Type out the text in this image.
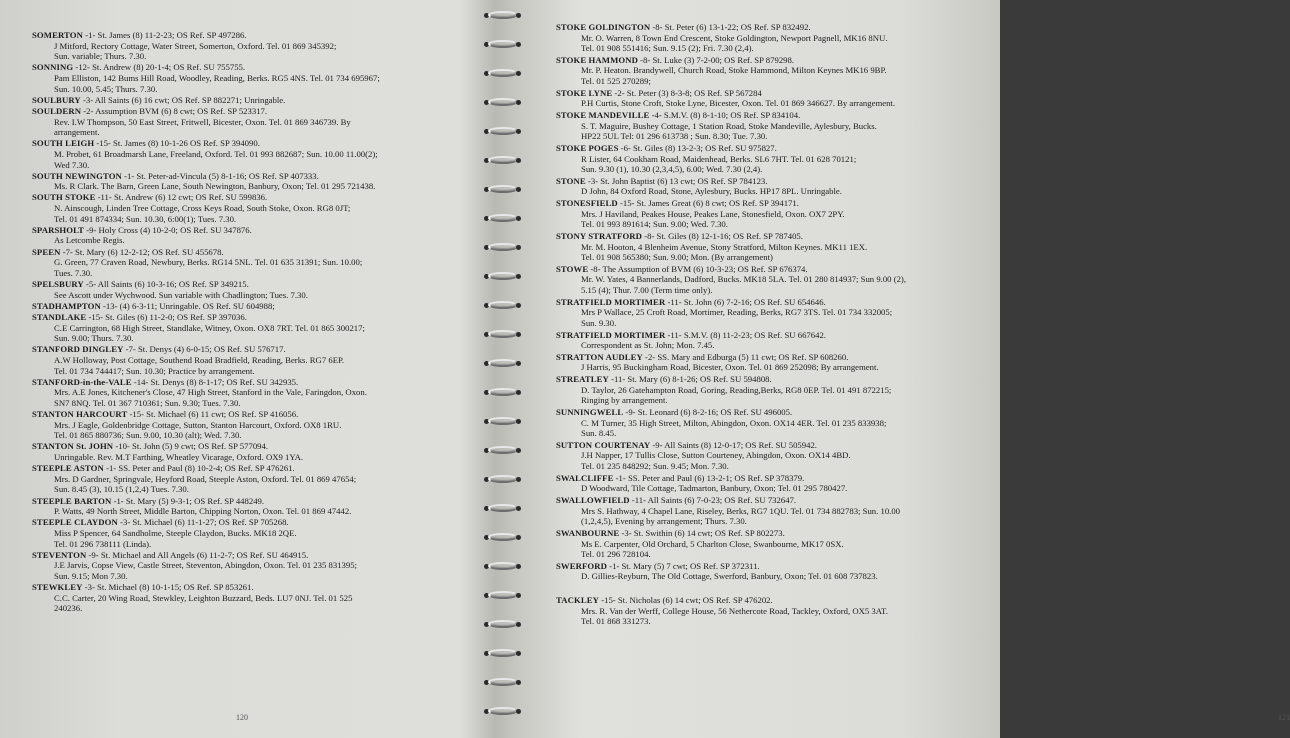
SOMERTON -1- St. James (8) 11-2-23; OS Ref. SP 497286.
J Mitford, Rectory Cottage, Water Street, Somerton, Oxford. Tel. 01 869 345392;
Sun. variable; Thurs. 7.30.
SONNING -12- St. Andrew (8) 20-1-4; OS Ref. SU 755755.
Pam Elliston, 142 Bums Hill Road, Woodley, Reading, Berks. RG5 4NS. Tel. 01 734 695967;
Sun. 10.00, 5.45; Thurs. 7.30.
SOULBURY -3- All Saints (6) 16 cwt; OS Ref. SP 882271; Unringable.
SOULDERN -2- Assumption BVM (6) 8 cwt; OS Ref. SP 523317.
Rev. I.W Thompson, 50 East Street, Fritwell, Bicester, Oxon. Tel. 01 869 346739. By
arrangement.
SOUTH LEIGH -15- St. James (8) 10-1-26 OS Ref. SP 394090.
M. Probet, 61 Broadmarsh Lane, Freeland, Oxford. Tel. 01 993 882687; Sun. 10.00 11.00(2);
Wed 7.30.
SOUTH NEWINGTON -1- St. Peter-ad-Vincula (5) 8-1-16; OS Ref. SP 407333.
Ms. R Clark. The Barn, Green Lane, South Newington, Banbury, Oxon; Tel. 01 295 721438.
SOUTH STOKE -11- St. Andrew (6) 12 cwt; OS Ref. SU 599836.
N. Ainscough, Linden Tree Cottage, Cross Keys Road, South Stoke, Oxon. RG8 0JT;
Tel. 01 491 874334; Sun. 10.30, 6:00(1); Tues. 7.30.
SPARSHOLT -9- Holy Cross (4) 10-2-0; OS Ref. SU 347876.
As Letcombe Regis.
SPEEN -7- St. Mary (6) 12-2-12; OS Ref. SU 455678.
G. Green, 77 Craven Road, Newbury, Berks. RG14 5NL. Tel. 01 635 31391; Sun. 10.00;
Tues. 7.30.
SPELSBURY -5- All Saints (6) 10-3-16; OS Ref. SP 349215.
See Ascott under Wychwood. Sun variable with Chadlington; Tues. 7.30.
STADHAMPTON -13- (4) 6-3-11; Unringable. OS Ref. SU 604988;
STANDLAKE -15- St. Giles (6) 11-2-0; OS Ref. SP 397036.
C.E Carrington, 68 High Street, Standlake, Witney, Oxon. OX8 7RT. Tel. 01 865 300217;
Sun. 9.00; Thurs. 7.30.
STANFORD DINGLEY -7- St. Denys (4) 6-0-15; OS Ref. SU 576717.
A.W Holloway, Post Cottage, Southend Road Bradfield, Reading, Berks. RG7 6EP.
Tel. 01 734 744417; Sun. 10.30; Practice by arrangement.
STANFORD-in-the-VALE -14- St. Denys (8) 8-1-17; OS Ref. SU 342935.
Mrs. A.E Jones, Kitchener's Close, 47 High Street, Stanford in the Vale, Faringdon, Oxon.
SN7 8NQ. Tel. 01 367 710361; Sun. 9.30; Tues. 7.30.
STANTON HARCOURT -15- St. Michael (6) 11 cwt; OS Ref. SP 416056.
Mrs. J Eagle, Goldenbridge Cottage, Sutton, Stanton Harcourt, Oxford. OX8 1RU.
Tel. 01 865 880736; Sun. 9.00, 10.30 (alt); Wed. 7.30.
STANTON St. JOHN -10- St. John (5) 9 cwt; OS Ref. SP 577094.
Unringable. Rev. M.T Farthing, Wheatley Vicarage, Oxford. OX9 1YA.
STEEPLE ASTON -1- SS. Peter and Paul (8) 10-2-4; OS Ref. SP 476261.
Mrs. D Gardner, Springvale, Heyford Road, Steeple Aston, Oxford. Tel. 01 869 47654;
Sun. 8.45 (3), 10.15 (1,2,4) Tues. 7.30.
STEEPLE BARTON -1- St. Mary (5) 9-3-1; OS Ref. SP 448249.
P. Watts, 49 North Street, Middle Barton, Chipping Norton, Oxon. Tel. 01 869 47442.
STEEPLE CLAYDON -3- St. Michael (6) 11-1-27; OS Ref. SP 705268.
Miss P Spencer, 64 Sandholme, Steeple Claydon, Bucks. MK18 2QE.
Tel. 01 296 738111 (Linda).
STEVENTON -9- St. Michael and All Angels (6) 11-2-7; OS Ref. SU 464915.
J.E Jarvis, Copse View, Castle Street, Steventon, Abingdon, Oxon. Tel. 01 235 831395;
Sun. 9.15; Mon 7.30.
STEWKLEY -3- St. Michael (8) 10-1-15; OS Ref. SP 853261.
C.C. Carter, 20 Wing Road, Stewkley, Leighton Buzzard, Beds. LU7 0NJ. Tel. 01 525
240236.
120
STOKE GOLDINGTON -8- St. Peter (6) 13-1-22; OS Ref. SP 832492.
Mr. O. Warren, 8 Town End Crescent, Stoke Goldington, Newport Pagnell, MK16 8NU.
Tel. 01 908 551416; Sun. 9.15 (2); Fri. 7.30 (2,4).
STOKE HAMMOND -8- St. Luke (3) 7-2-00; OS Ref. SP 879298.
Mr. P. Heaton. Brandywell, Church Road, Stoke Hammond, Milton Keynes MK16 9BP.
Tel. 01 525 270289;
STOKE LYNE -2- St. Peter (3) 8-3-8; OS Ref. SP 567284
P.H Curtis, Stone Croft, Stoke Lyne, Bicester, Oxon. Tel. 01 869 346627. By arrangement.
STOKE MANDEVILLE -4- S.M.V. (8) 8-1-10; OS Ref. SP 834104.
S. T. Maguire, Bushey Cottage, 1 Station Road, Stoke Mandeville, Aylesbury, Bucks.
HP22 5UL Tel: 01 296 613738 ; Sun. 8.30; Tue. 7.30.
STOKE POGES -6- St. Giles (8) 13-2-3; OS Ref. SU 975827.
R Lister, 64 Cookham Road, Maidenhead, Berks. SL6 7HT. Tel. 01 628 70121;
Sun. 9.30 (1), 10.30 (2,3,4,5), 6.00; Wed. 7.30 (2,4).
STONE -3- St. John Baptist (6) 13 cwt; OS Ref. SP 784123.
D John, 84 Oxford Road, Stone, Aylesbury, Bucks. HP17 8PL. Unringable.
STONESFIELD -15- St. James Great (6) 8 cwt; OS Ref. SP 394171.
Mrs. J Haviland, Peakes House, Peakes Lane, Stonesfield, Oxon. OX7 2PY.
Tel. 01 993 891614; Sun. 9.00; Wed. 7.30.
STONY STRATFORD -8- St. Giles (8) 12-1-16; OS Ref. SP 787405.
Mr. M. Hooton, 4 Blenheim Avenue, Stony Stratford, Milton Keynes. MK11 1EX.
Tel. 01 908 565380; Sun. 9.00; Mon. (By arrangement)
STOWE -8- The Assumption of BVM (6) 10-3-23; OS Ref. SP 676374.
Mr. W. Yates, 4 Bannerlands, Dadford, Bucks. MK18 5LA. Tel. 01 280 814937; Sun 9.00 (2),
5.15 (4); Thur. 7.00 (Term time only).
STRATFIELD MORTIMER -11- St. John (6) 7-2-16; OS Ref. SU 654646.
Mrs P Wallace, 25 Croft Road, Mortimer, Reading, Berks, RG7 3TS. Tel. 01 734 332005;
Sun. 9.30.
STRATFIELD MORTIMER -11- S.M.V. (8) 11-2-23; OS Ref. SU 667642.
Correspondent as St. John; Mon. 7.45.
STRATTON AUDLEY -2- SS. Mary and Edburga (5) 11 cwt; OS Ref. SP 608260.
J Harris, 95 Buckingham Road, Bicester, Oxon. Tel. 01 869 252098; By arrangement.
STREATLEY -11- St. Mary (6) 8-1-26; OS Ref. SU 594808.
D. Taylor, 26 Gatehampton Road, Goring, Reading,Berks, RG8 0EP. Tel. 01 491 872215;
Ringing by arrangement.
SUNNINGWELL -9- St. Leonard (6) 8-2-16; OS Ref. SU 496005.
C. M Turner, 35 High Street, Milton, Abingdon, Oxon. OX14 4ER. Tel. 01 235 833938;
Sun. 8.45.
SUTTON COURTENAY -9- All Saints (8) 12-0-17; OS Ref. SU 505942.
J.H Napper, 17 Tullis Close, Sutton Courteney, Abingdon, Oxon. OX14 4BD.
Tel. 01 235 848292; Sun. 9.45; Mon. 7.30.
SWALCLIFFE -1- SS. Peter and Paul (6) 13-2-1; OS Ref. SP 378379.
D Woodward, Tile Cottage, Tadmarton, Banbury, Oxon; Tel. 01 295 780427.
SWALLOWFIELD -11- All Saints (6) 7-0-23; OS Ref. SU 732647.
Mrs S. Hathway, 4 Chapel Lane, Riseley, Berks, RG7 1QU. Tel. 01 734 882783; Sun. 10.00
(1,2,4,5), Evening by arrangement; Thurs. 7.30.
SWANBOURNE -3- St. Swithin (6) 14 cwt; OS Ref. SP 802273.
Ms E. Carpenter, Old Orchard, 5 Charlton Close, Swanbourne, MK17 0SX.
Tel. 01 296 728104.
SWERFORD -1- St. Mary (5) 7 cwt; OS Ref. SP 372311.
D. Gillies-Reyburn, The Old Cottage, Swerford, Banbury, Oxon; Tel. 01 608 737823.
TACKLEY -15- St. Nicholas (6) 14 cwt; OS Ref. SP 476202.
Mrs. R. Van der Werff, College House, 56 Nethercote Road, Tackley, Oxford, OX5 3AT.
Tel. 01 868 331273.
121
